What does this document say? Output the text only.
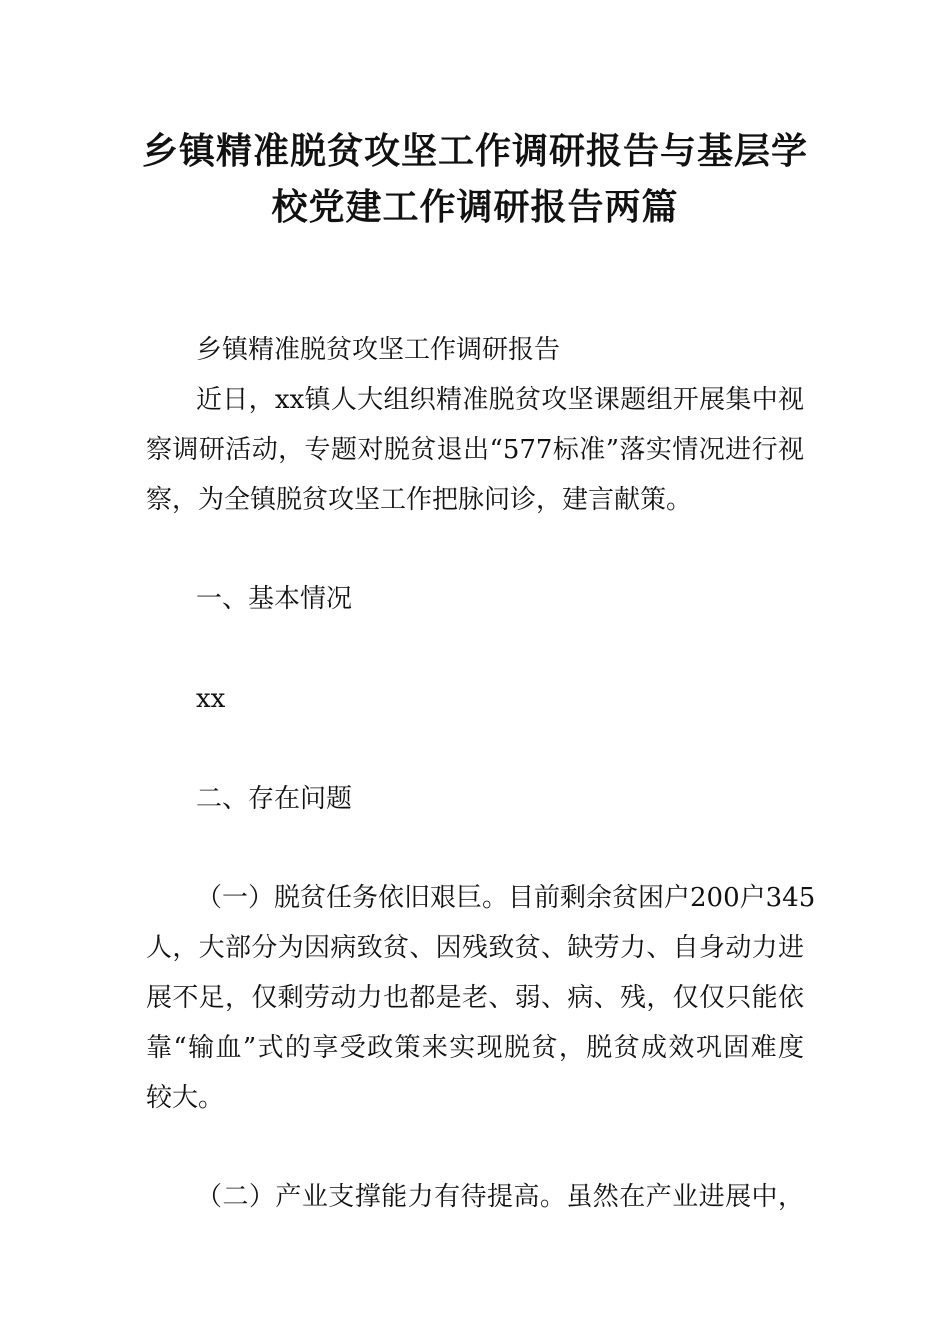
乡镇精准脱贫攻坚工作调研报告与基层学
校党建工作调研报告两篇
乡镇精准脱贫攻坚工作调研报告
近日，xx镇人大组织精准脱贫攻坚课题组开展集中视
察调研活动，专题对脱贫退出“577标准”落实情况进行视
察，为全镇脱贫攻坚工作把脉问诊，建言献策。
一、基本情况
xx
二、存在问题
（一）脱贫任务依旧艰巨。目前剩余贫困户200户345
人，大部分为因病致贫、因残致贫、缺劳力、自身动力进
展不足，仅剩劳动力也都是老、弱、病、残，仅仅只能依
靠“输血”式的享受政策来实现脱贫，脱贫成效巩固难度
较大。
（二）产业支撑能力有待提高。虽然在产业进展中，
